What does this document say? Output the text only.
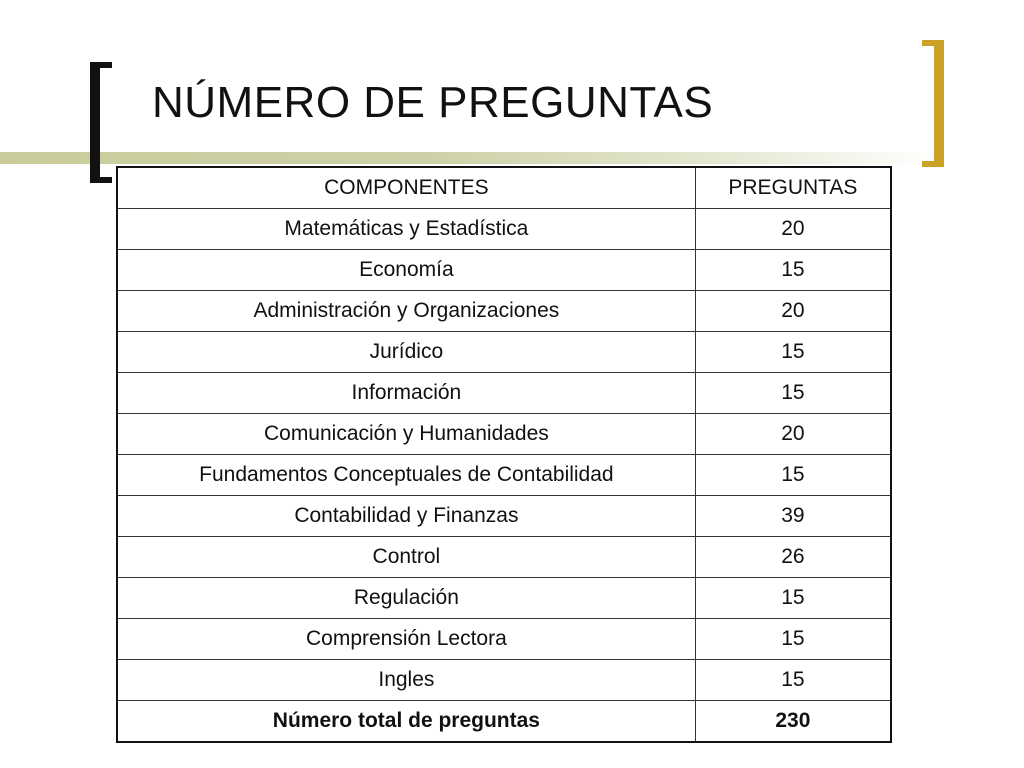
NÚMERO DE PREGUNTAS
COMPONENTES	PREGUNTAS
Matemáticas y Estadística	20
Economía	15
Administración y Organizaciones	20
Jurídico	15
Información	15
Comunicación y Humanidades	20
Fundamentos Conceptuales de Contabilidad	15
Contabilidad y Finanzas	39
Control	26
Regulación	15
Comprensión Lectora	15
Ingles	15
Número total de preguntas	230
